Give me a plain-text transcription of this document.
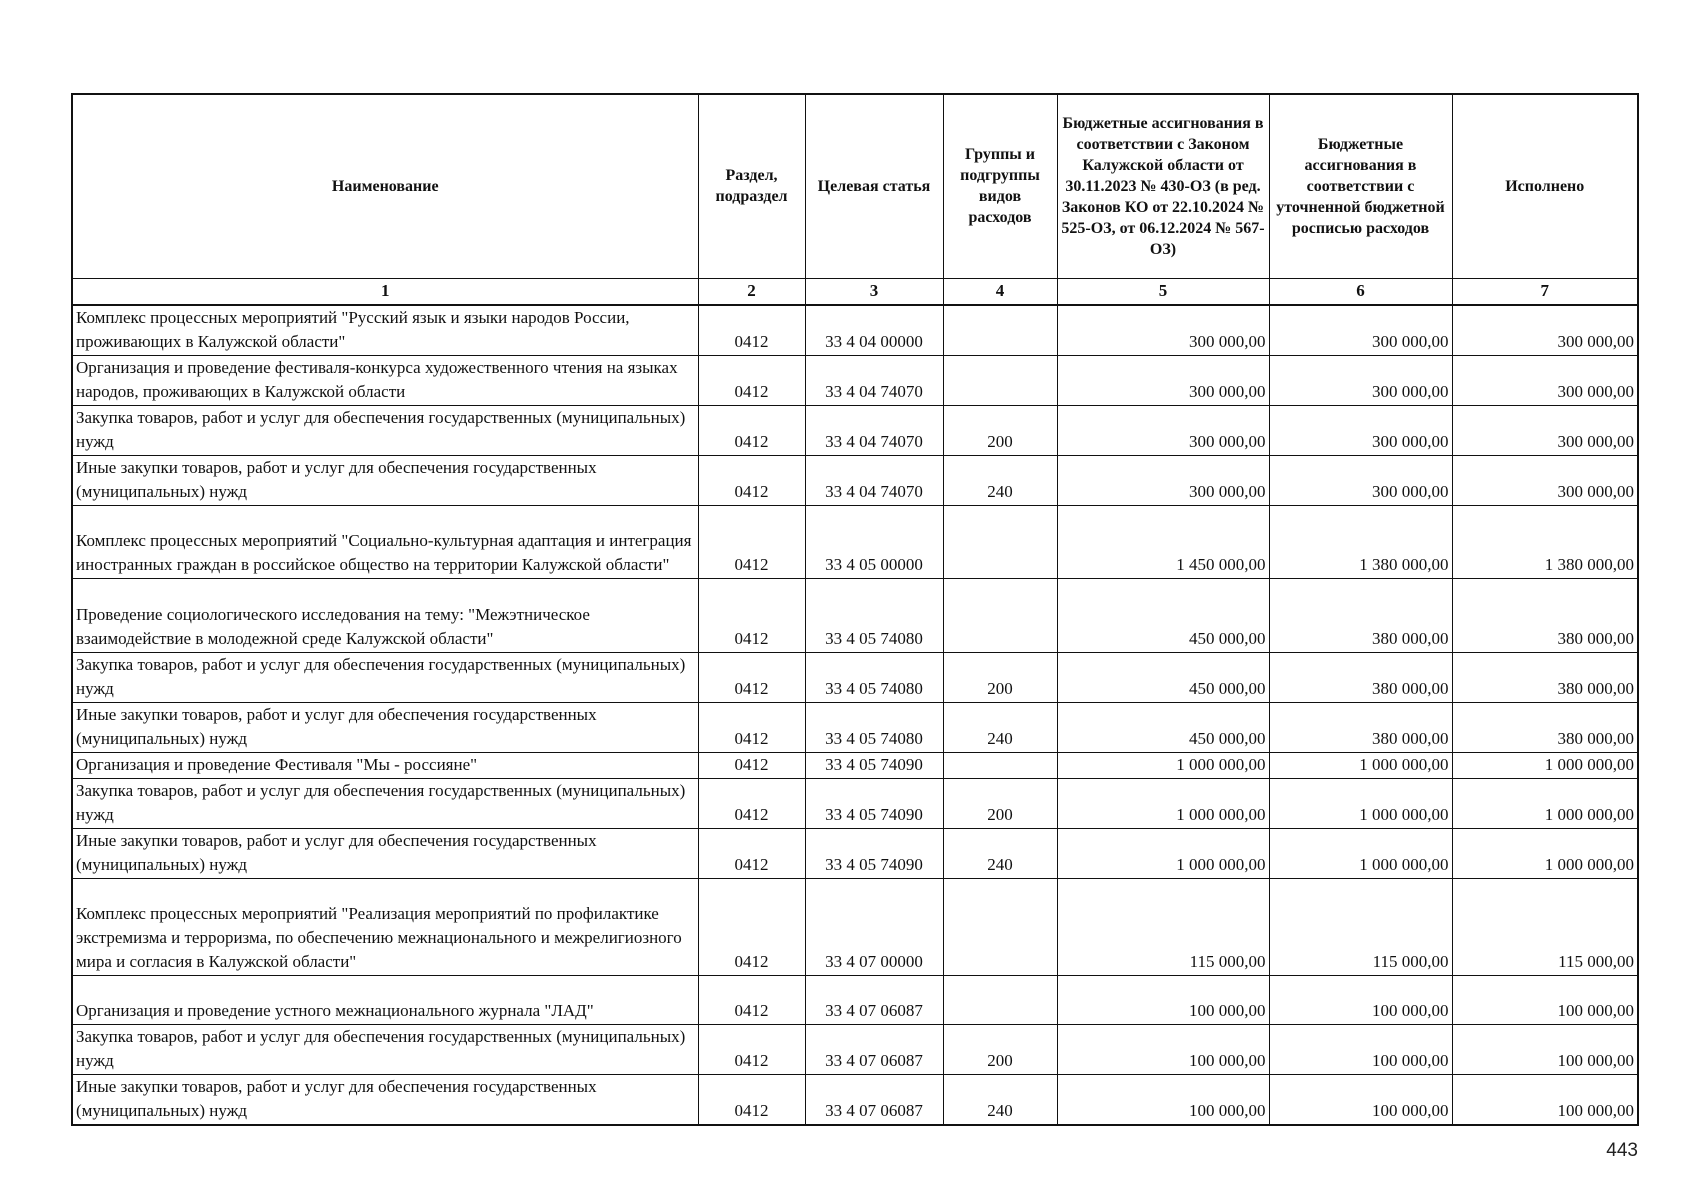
Наименование	Раздел, подраздел	Целевая статья	Группы и подгруппы видов расходов	Бюджетные ассигнования в соответствии с Законом Калужской области от 30.11.2023 № 430-ОЗ (в ред. Законов КО от 22.10.2024 № 525-ОЗ, от 06.12.2024 № 567-ОЗ)	Бюджетные ассигнования в соответствии с уточненной бюджетной росписью расходов	Исполнено
1	2	3	4	5	6	7
Комплекс процессных мероприятий "Русский язык и языки народов России, проживающих в Калужской области"	0412	33 4 04 00000		300 000,00	300 000,00	300 000,00
Организация и проведение фестиваля-конкурса художественного чтения на языках народов, проживающих в Калужской области	0412	33 4 04 74070		300 000,00	300 000,00	300 000,00
Закупка товаров, работ и услуг для обеспечения государственных (муниципальных) нужд	0412	33 4 04 74070	200	300 000,00	300 000,00	300 000,00
Иные закупки товаров, работ и услуг для обеспечения государственных (муниципальных) нужд	0412	33 4 04 74070	240	300 000,00	300 000,00	300 000,00
Комплекс процессных мероприятий "Социально-культурная адаптация и интеграция иностранных граждан в российское общество на территории Калужской области"	0412	33 4 05 00000		1 450 000,00	1 380 000,00	1 380 000,00
Проведение социологического исследования на тему: "Межэтническое взаимодействие в молодежной среде Калужской области"	0412	33 4 05 74080		450 000,00	380 000,00	380 000,00
Закупка товаров, работ и услуг для обеспечения государственных (муниципальных) нужд	0412	33 4 05 74080	200	450 000,00	380 000,00	380 000,00
Иные закупки товаров, работ и услуг для обеспечения государственных (муниципальных) нужд	0412	33 4 05 74080	240	450 000,00	380 000,00	380 000,00
Организация и проведение Фестиваля "Мы - россияне"	0412	33 4 05 74090		1 000 000,00	1 000 000,00	1 000 000,00
Закупка товаров, работ и услуг для обеспечения государственных (муниципальных) нужд	0412	33 4 05 74090	200	1 000 000,00	1 000 000,00	1 000 000,00
Иные закупки товаров, работ и услуг для обеспечения государственных (муниципальных) нужд	0412	33 4 05 74090	240	1 000 000,00	1 000 000,00	1 000 000,00
Комплекс процессных мероприятий "Реализация мероприятий по профилактике экстремизма и терроризма, по обеспечению межнационального и межрелигиозного мира и согласия в Калужской области"	0412	33 4 07 00000		115 000,00	115 000,00	115 000,00
Организация и проведение устного межнационального журнала "ЛАД"	0412	33 4 07 06087		100 000,00	100 000,00	100 000,00
Закупка товаров, работ и услуг для обеспечения государственных (муниципальных) нужд	0412	33 4 07 06087	200	100 000,00	100 000,00	100 000,00
Иные закупки товаров, работ и услуг для обеспечения государственных (муниципальных) нужд	0412	33 4 07 06087	240	100 000,00	100 000,00	100 000,00
443
